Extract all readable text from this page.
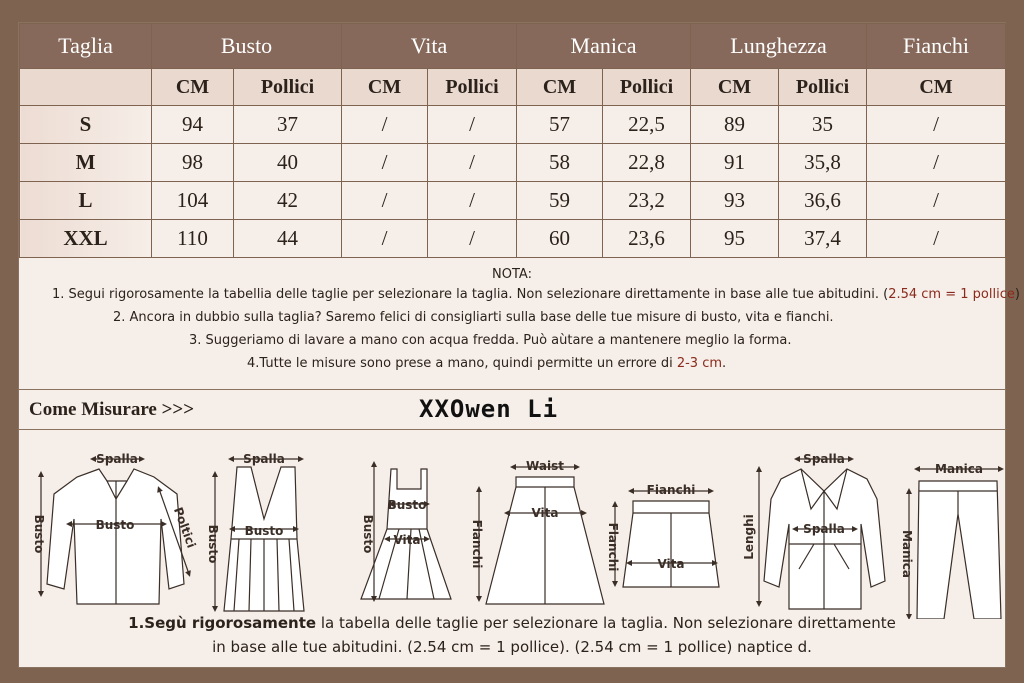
Taglia	Busto		Vita		Manica		Lunghezza		Fianchi
	CM	Pollici	CM	Pollici	CM	Pollici	CM	Pollici	CM
S	94	37	/	/	57	22,5	89	35	/
M	98	40	/	/	58	22,8	91	35,8	/
L	104	42	/	/	59	23,2	93	36,6	/
XXL	110	44	/	/	60	23,6	95	37,4	/
NOTA:
1. Segui rigorosamente la tabellia delle taglie per selezionare la taglia. Non selezionare direttamente in base alle tue abitudini. (2.54 cm = 1 pollice)
2. Ancora in dubbio sulla taglia? Saremo felici di consigliarti sulla base delle tue misure di busto, vita e fianchi.
3. Suggeriamo di lavare a mano con acqua fredda. Può aùtare a mantenere meglio la forma.
4.Tutte le misure sono prese a mano, quindi permitte un errore di 2-3 cm.
Come Misurare >>>	XXOwen Li
Spalla
Busto	Busto	Poltici
Spalla
Busto Busto	Busto
Busto
Vita
Waist
Flanchi
Vita
Fianchi
Flanchi	Vita
Spalla
Lenghi	Spalla
Manica
Manica
1.Segù rigorosamente la tabella delle taglie per selezionare la taglia. Non selezionare direttamente
in base alle tue abitudini. (2.54 cm = 1 pollice). (2.54 cm = 1 pollice) naptice d.
